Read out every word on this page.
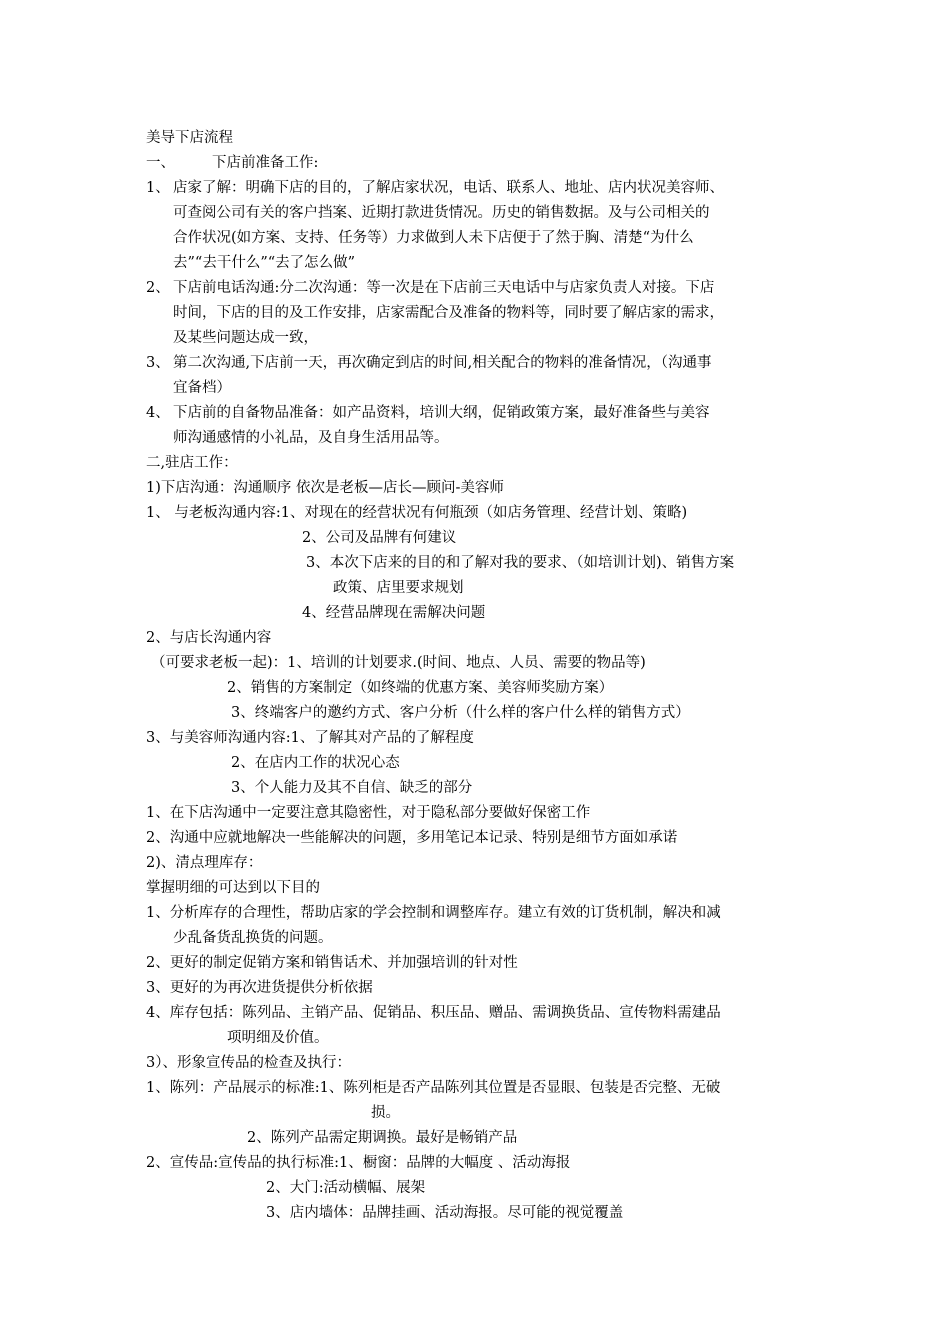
美导下店流程
一、	下店前准备工作:
1、 店家了解：明确下店的目的，了解店家状况，电话、联系人、地址、店内状况美容师、
可查阅公司有关的客户挡案、近期打款进货情况。历史的销售数据。及与公司相关的
合作状况(如方案、支持、任务等）力求做到人未下店便于了然于胸、清楚“为什么
去”“去干什么”“去了怎么做”
2、 下店前电话沟通:分二次沟通：等一次是在下店前三天电话中与店家负责人对接。下店
时间，下店的目的及工作安排，店家需配合及准备的物料等，同时要了解店家的需求，
及某些问题达成一致，
3、 第二次沟通,下店前一天，再次确定到店的时间,相关配合的物料的准备情况，（沟通事
宜备档）
4、 下店前的自备物品准备：如产品资料，培训大纲，促销政策方案，最好准备些与美容
师沟通感情的小礼品，及自身生活用品等。
二,驻店工作：
1)下店沟通：沟通顺序 依次是老板—店长—顾问-美容师
1、 与老板沟通内容:1、对现在的经营状况有何瓶颈（如店务管理、经营计划、策略)
2、公司及品牌有何建议
3、本次下店来的目的和了解对我的要求、（如培训计划)、销售方案
政策、店里要求规划
4、经营品牌现在需解决问题
2、与店长沟通内容
（可要求老板一起)：1、培训的计划要求.(时间、地点、人员、需要的物品等)
2、销售的方案制定（如终端的优惠方案、美容师奖励方案）
3、终端客户的邀约方式、客户分析（什么样的客户什么样的销售方式）
3、与美容师沟通内容:1、了解其对产品的了解程度
2、在店内工作的状况心态
3、个人能力及其不自信、缺乏的部分
1、在下店沟通中一定要注意其隐密性，对于隐私部分要做好保密工作
2、沟通中应就地解决一些能解决的问题，多用笔记本记录、特别是细节方面如承诺
2)、清点理库存：
掌握明细的可达到以下目的
1、分析库存的合理性，帮助店家的学会控制和调整库存。建立有效的订货机制，解决和减
少乱备货乱换货的问题。
2、更好的制定促销方案和销售话术、并加强培训的针对性
3、更好的为再次进货提供分析依据
4、库存包括：陈列品、主销产品、促销品、积压品、赠品、需调换货品、宣传物料需建品
项明细及价值。
3）、形象宣传品的检查及执行：
1、陈列：产品展示的标准:1、陈列柜是否产品陈列其位置是否显眼、包装是否完整、无破
损。
2、陈列产品需定期调换。最好是畅销产品
2、宣传品:宣传品的执行标准:1、橱窗：品牌的大幅度 、活动海报
2、大门:活动横幅、展架
3、店内墙体：品牌挂画、活动海报。尽可能的视觉覆盖
